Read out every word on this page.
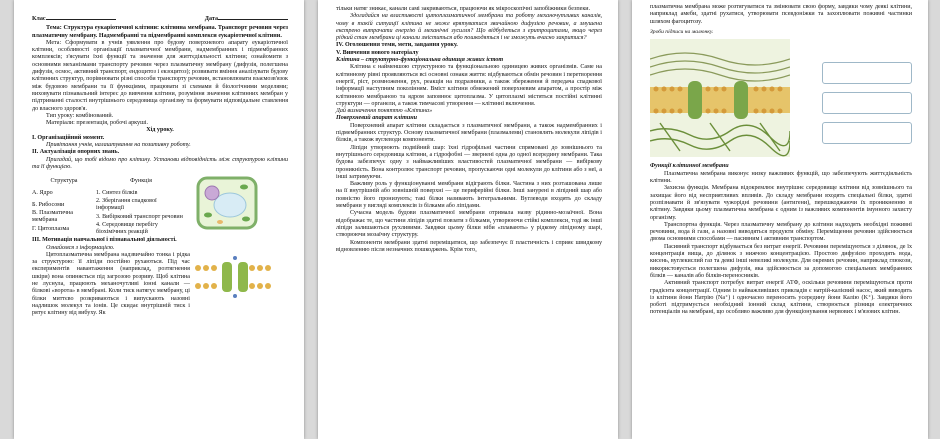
Клас	Дата

Тема: Структура еукаріотичної клітини: клітинна мембрана. Транспорт речовин через плазматичну мембрану. Надмембранні та підмембранні комплекси еукаріотичної клітини.

Мета: Сформувати в учнів уявлення про будову поверхневого апарату еукаріотичної клітини, особливості організації плазматичної мембрани, надмембранних і підмембранних комплексів; з'ясувати їхні функції та значення для життєдіяльності клітини; ознайомити з основними механізмами транспорту речовин через плазматичну мембрану (дифузія, полегшена дифузія, осмос, активний транспорт, ендоцитоз і екзоцитоз); розвивати вміння аналізувати будову клітинних структур, порівнювати різні способи транспорту речовин, встановлювати взаємозв'язок між будовою мембрани та її функціями, працювати зі схемами й біологічними моделями; виховувати пізнавальний інтерес до вивчення клітини, розуміння значення клітинних мембран у підтриманні сталості внутрішнього середовища організму та формувати відповідальне ставлення до власного здоров'я.

Тип уроку: комбінований.

Матеріали: презентація, робочі аркуші.

Хід уроку.

І. Організаційний момент.

Привітання учнів, налаштування на позитивну роботу.

ІІ. Актуалізація опорних знань.

Пригадай, що тобі відомо про клітину. Установи відповідність між структурою клітини та її функцією.

Структура
А. Ядро
Б. Рибосоми
В. Плазматична мембрана
Г. Цитоплазма
Функція
1. Синтез білків
2. Зберігання спадкової інформації
3. Вибірковий транспорт речовин
4. Середовище перебігу біохімічних реакцій

ІІІ. Мотивація навчальної і пізнавальної діяльності.

Ознайомся з інформацією.

Цитоплазматична мембрана надзвичайно тонка і рідка за структурою: її ліпіди постійно рухаються. Під час експериментів навантаження (наприклад, розтягнення шкіри) вона опиняється під загрозою розриву. Щоб клітина не луснула, працюють механочутливі іонні канали — білкові «ворота» в мембрані. Коли тиск натягує мембрану, ці білки миттєво розкриваються і випускають назовні надлишок молекул та іонів. Це скидає внутрішній тиск і рятує клітину від вибуху. Як

тільки натяг зникає, канали самі закриваються, працюючи як мікроскопічні запобіжники безпеки.

Здогадайся на властивості цитоплазматичної мембрани та роботу механочутливих каналів, чому в такій ситуації клітина не може врятуватися звичайною дифузією речовин, а змушена екстрено витрачати енергію й механічні зусилля? Що відбудеться з еритроцитами, якщо через рідкий стан мембрани ці канали зміститься або пошкодяться і не зможуть вчасно закритися?

IV. Оголошення теми, мети, завдання уроку.

V. Вивчення нового матеріалу

Клітина – структурно-функціональна одиниця живих істот

Клітина є найменшою структурною та функціональною одиницею живих організмів. Саме на клітинному рівні проявляються всі основні ознаки життя: відбуваються обмін речовин і перетворення енергії, ріст, розмноження, рух, реакція на подразники, а також збереження й передача спадкової інформації наступним поколінням. Вміст клітини обмежений поверхневим апаратом, а простір між клітинною мембраною та ядром заповнює цитоплазма. У цитоплазмі містяться постійні клітинні структури — органели, а також тимчасові утворення — клітинні включення.

Дай визначення поняттю «Клітина»

Поверхневий апарат клітини

Поверхневий апарат клітини складається з плазматичної мембрани, а також надмембранних і підмембранних структур. Основу плазматичної мембрани (плазмалеми) становлять молекули ліпідів і білків, а також вуглеводи компоненти.

Ліпіди утворюють подвійний шар: їхні гідрофільні частини спрямовані до зовнішнього та внутрішнього середовища клітини, а гідрофобні — звернені одна до одної всередину мембрани. Така будова забезпечує одну з найважливіших властивостей плазматичної мембрани — вибіркову проникність. Вона контролює транспорт речовин, пропускаючи одні молекули до клітини або з неї, а інші затримуючи.

Важливу роль у функціонуванні мембрани відіграють білки. Частина з них розташована лише на її внутрішній або зовнішній поверхні — це периферійні білки. Інші занурені в ліпідний шар або повністю його пронизують; такі білки називають інтегральними. Вуглеводи входять до складу мембрани у вигляді комплексів із білками або ліпідами.

Сучасна модель будови плазматичної мембрани отримала назву рідинно-мозаїчної. Вона відображає те, що частини ліпідів здатні повзати з білками, утворюючи стійкі комплекси, тоді як інші ліпіди залишаються рухливими. Завдяки цьому білки ніби «плавають» у рідкому ліпідному шарі, створюючи мозаїчну структуру.

Компоненти мембрани здатні переміщатися, що забезпечує її пластичність і сприяє швидкому відновленню після незначних пошкоджень. Крім того,

плазматична мембрана може розтягуватися та змінювати свою форму, завдяки чому деякі клітини, наприклад амеби, здатні рухатися, утворювати псевдоніжки та захоплювати поживні частинки шляхом фагоцитозу.

Зроби підписи на малюнку.

Функції клітинної мембрани

Плазматична мембрана виконує низку важливих функцій, що забезпечують життєдіяльність клітини.

Захисна функція. Мембрана відокремлює внутрішнє середовище клітини від зовнішнього та захищає його від несприятливих впливів. До складу мембрани входять спеціальні білки, здатні розпізнавати й зв'язувати чужорідні речовини (антигени), перешкоджаючи їх проникненню в клітину. Завдяки цьому плазматична мембрана є одним із важливих компонентів імунного захисту організму.

Транспортна функція. Через плазматичну мембрану до клітини надходять необхідні поживні речовини, вода й гази, а назовні виводяться продукти обміну. Переміщення речовин здійснюється двома основними способами — пасивним і активним транспортом.

Пасивний транспорт відбувається без витрат енергії. Речовини переміщуються з ділянок, де їх концентрація вища, до ділянок з нижчою концентрацією. Простою дифузією проходять вода, кисень, вуглекислий газ та деякі інші невеликі молекули. Для окремих речовин, наприклад глюкози, використовується полегшена дифузія, яка здійснюється за допомогою спеціальних мембранних білків — каналів або білків-переносників.

Активний транспорт потребує витрат енергії АТФ, оскільки речовини переміщуються проти градієнта концентрації. Одним із найважливіших прикладів є натрій-калієвий насос, який виводить із клітини йони Натрію (Na⁺) і одночасно переносить усередину йони Калію (K⁺). Завдяки його роботі підтримується необхідний іонний склад клітини, створюється різниця електричних потенціалів на мембрані, що особливо важливо для функціонування нервових і м'язових клітин.
